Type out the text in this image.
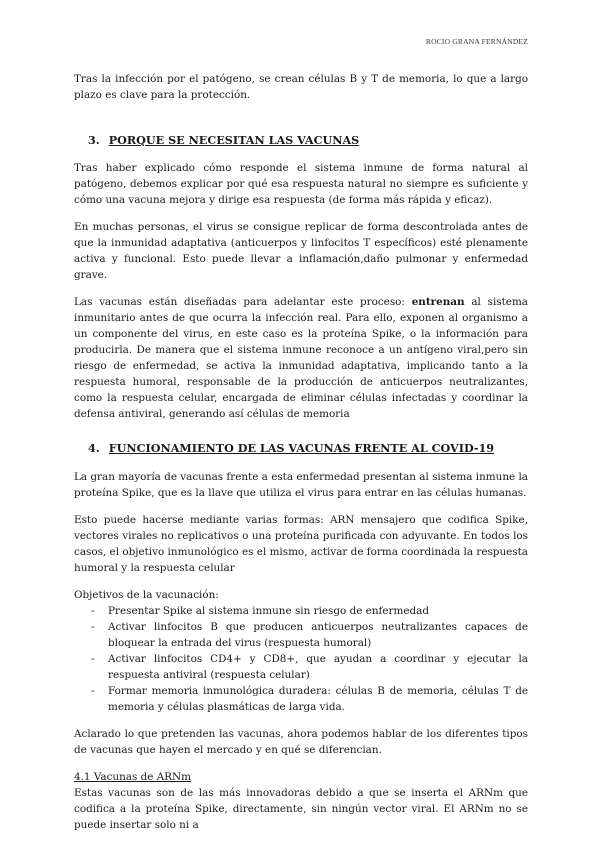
ROCIO GRANA FERNÁNDEZ

Tras la infección por el patógeno, se crean células B y T de memoria, lo que a largo plazo es clave para la protección.

3. PORQUE SE NECESITAN LAS VACUNAS

Tras haber explicado cómo responde el sistema inmune de forma natural al patógeno, debemos explicar por qué esa respuesta natural no siempre es suficiente y cómo una vacuna mejora y dirige esa respuesta (de forma más rápida y eficaz).

En muchas personas, el virus se consigue replicar de forma descontrolada antes de que la inmunidad adaptativa (anticuerpos y linfocitos T específicos) esté plenamente activa y funcional. Esto puede llevar a inflamación,daño pulmonar y enfermedad grave.

Las vacunas están diseñadas para adelantar este proceso: entrenan al sistema inmunitario antes de que ocurra la infección real. Para ello, exponen al organismo a un componente del virus, en este caso es la proteína Spike, o la información para producirla. De manera que el sistema inmune reconoce a un antígeno viral,pero sin riesgo de enfermedad, se activa la inmunidad adaptativa, implicando tanto a la respuesta humoral, responsable de la producción de anticuerpos neutralizantes, como la respuesta celular, encargada de eliminar células infectadas y coordinar la defensa antiviral, generando así células de memoria

4. FUNCIONAMIENTO DE LAS VACUNAS FRENTE AL COVID-19

La gran mayoría de vacunas frente a esta enfermedad presentan al sistema inmune la proteína Spike, que es la llave que utiliza el virus para entrar en las células humanas.

Esto puede hacerse mediante varias formas: ARN mensajero que codifica Spike, vectores virales no replicativos o una proteína purificada con adyuvante. En todos los casos, el objetivo inmunológico es el mismo, activar de forma coordinada la respuesta humoral y la respuesta celular

Objetivos de la vacunación:

-	Presentar Spike al sistema inmune sin riesgo de enfermedad
-	Activar linfocitos B que producen anticuerpos neutralizantes capaces de bloquear la entrada del virus (respuesta humoral)
-	Activar linfocitos CD4+ y CD8+, que ayudan a coordinar y ejecutar la respuesta antiviral (respuesta celular)
-	Formar memoria inmunológica duradera: células B de memoria, células T de memoria y células plasmáticas de larga vida.

Aclarado lo que pretenden las vacunas, ahora podemos hablar de los diferentes tipos de vacunas que hayen el mercado y en qué se diferencian.

4.1 Vacunas de ARNm

Estas vacunas son de las más innovadoras debido a que se inserta el ARNm que codifica a la proteína Spike, directamente, sin ningún vector viral. El ARNm no se puede insertar solo ni a
